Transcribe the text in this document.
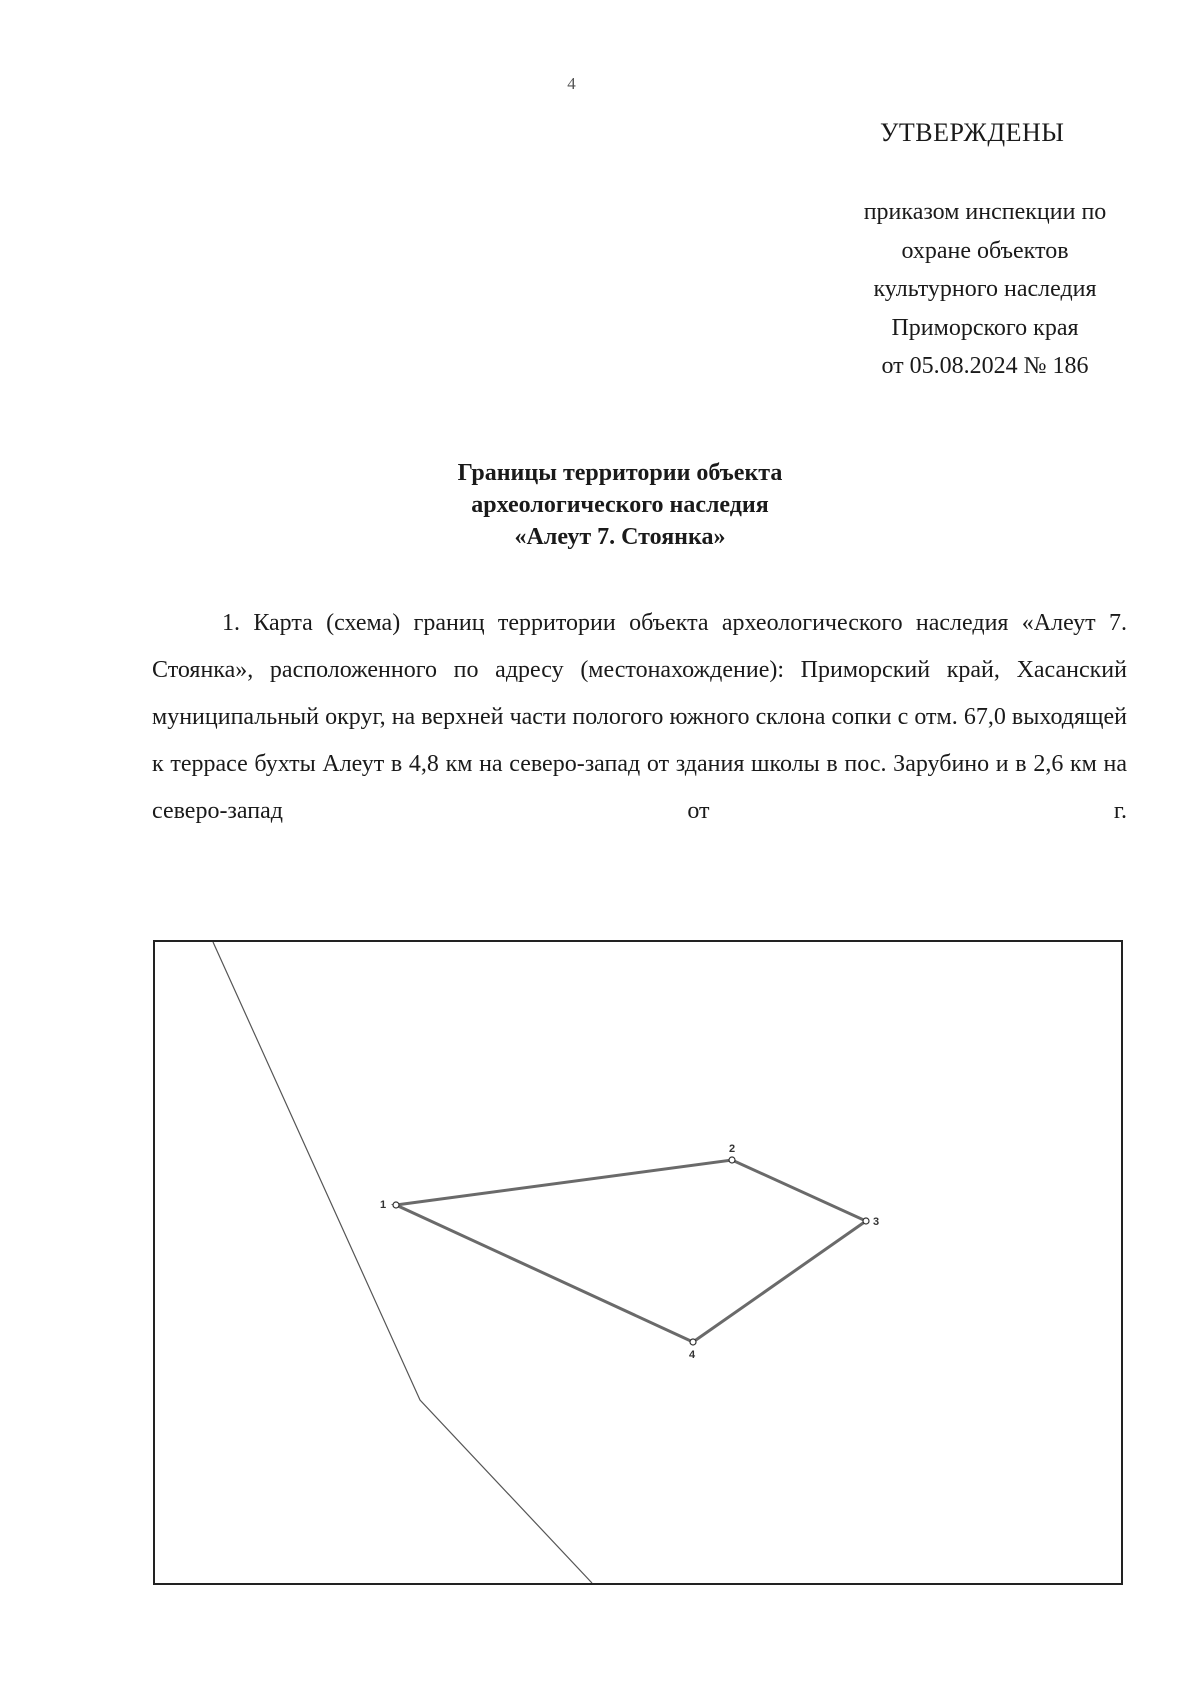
4
УТВЕРЖДЕНЫ
приказом инспекции по
охране объектов
культурного наследия
Приморского края
от 05.08.2024 № 186
Границы территории объекта
археологического наследия
«Алеут 7. Стоянка»

1. Карта (схема) границ территории объекта археологического наследия «Алеут 7. Стоянка», расположенного по адресу (местонахождение): Приморский край, Хасанский муниципальный округ, на верхней части пологого южного склона сопки с отм. 67,0 выходящей к террасе бухты Алеут в 4,8 км на северо-запад от здания школы в пос. Зарубино и в 2,6 км на северо-запад от г.

1
2
3
4
